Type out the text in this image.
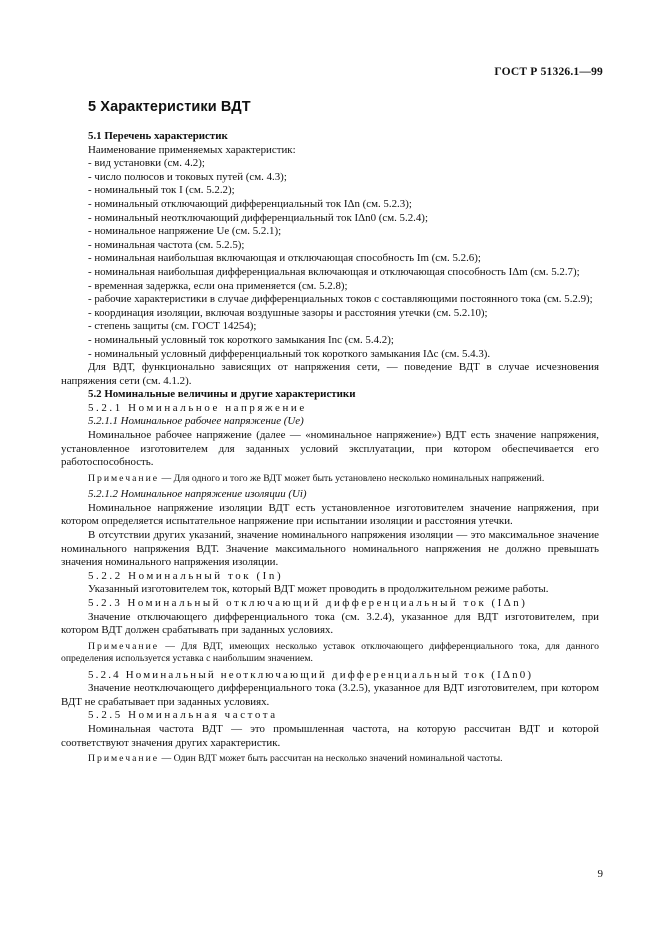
ГОСТ Р 51326.1—99
5 Характеристики ВДТ

5.1 Перечень характеристик

Наименование применяемых характеристик:

- вид установки (см. 4.2);

- число полюсов и токовых путей (см. 4.3);

- номинальный ток I (см. 5.2.2);

- номинальный отключающий дифференциальный ток IΔn (см. 5.2.3);

- номинальный неотключающий дифференциальный ток IΔn0 (см. 5.2.4);

- номинальное напряжение Ue (см. 5.2.1);

- номинальная частота (см. 5.2.5);

- номинальная наибольшая включающая и отключающая способность Im (см. 5.2.6);

- номинальная наибольшая дифференциальная включающая и отключающая способность IΔm (см. 5.2.7);

- временная задержка, если она применяется (см. 5.2.8);

- рабочие характеристики в случае дифференциальных токов с составляющими постоянного тока (см. 5.2.9);

- координация изоляции, включая воздушные зазоры и расстояния утечки (см. 5.2.10);

- степень защиты (см. ГОСТ 14254);

- номинальный условный ток короткого замыкания Inc (см. 5.4.2);

- номинальный условный дифференциальный ток короткого замыкания IΔc (см. 5.4.3).

Для ВДТ, функционально зависящих от напряжения сети, — поведение ВДТ в случае исчезновения напряжения сети (см. 4.1.2).

5.2 Номинальные величины и другие характеристики

5.2.1 Номинальное напряжение

5.2.1.1 Номинальное рабочее напряжение (Ue)

Номинальное рабочее напряжение (далее — «номинальное напряжение») ВДТ есть значение напряжения, установленное изготовителем для заданных условий эксплуатации, при котором обеспечивается его работоспособность.

Примечание — Для одного и того же ВДТ может быть установлено несколько номинальных напряжений.

5.2.1.2 Номинальное напряжение изоляции (Ui)

Номинальное напряжение изоляции ВДТ есть установленное изготовителем значение напряжения, при котором определяется испытательное напряжение при испытании изоляции и расстояния утечки.

В отсутствии других указаний, значение номинального напряжения изоляции — это максимальное значение номинального напряжения ВДТ. Значение максимального номинального напряжения не должно превышать значения номинального напряжения изоляции.

5.2.2 Номинальный ток (In)

Указанный изготовителем ток, который ВДТ может проводить в продолжительном режиме работы.

5.2.3 Номинальный отключающий дифференциальный ток (IΔn)

Значение отключающего дифференциального тока (см. 3.2.4), указанное для ВДТ изготовителем, при котором ВДТ должен срабатывать при заданных условиях.

Примечание — Для ВДТ, имеющих несколько уставок отключающего дифференциального тока, для данного определения используется уставка с наибольшим значением.

5.2.4 Номинальный неотключающий дифференциальный ток (IΔn0)

Значение неотключающего дифференциального тока (3.2.5), указанное для ВДТ изготовителем, при котором ВДТ не срабатывает при заданных условиях.

5.2.5 Номинальная частота

Номинальная частота ВДТ — это промышленная частота, на которую рассчитан ВДТ и которой соответствуют значения других характеристик.

Примечание — Один ВДТ может быть рассчитан на несколько значений номинальной частоты.

9
